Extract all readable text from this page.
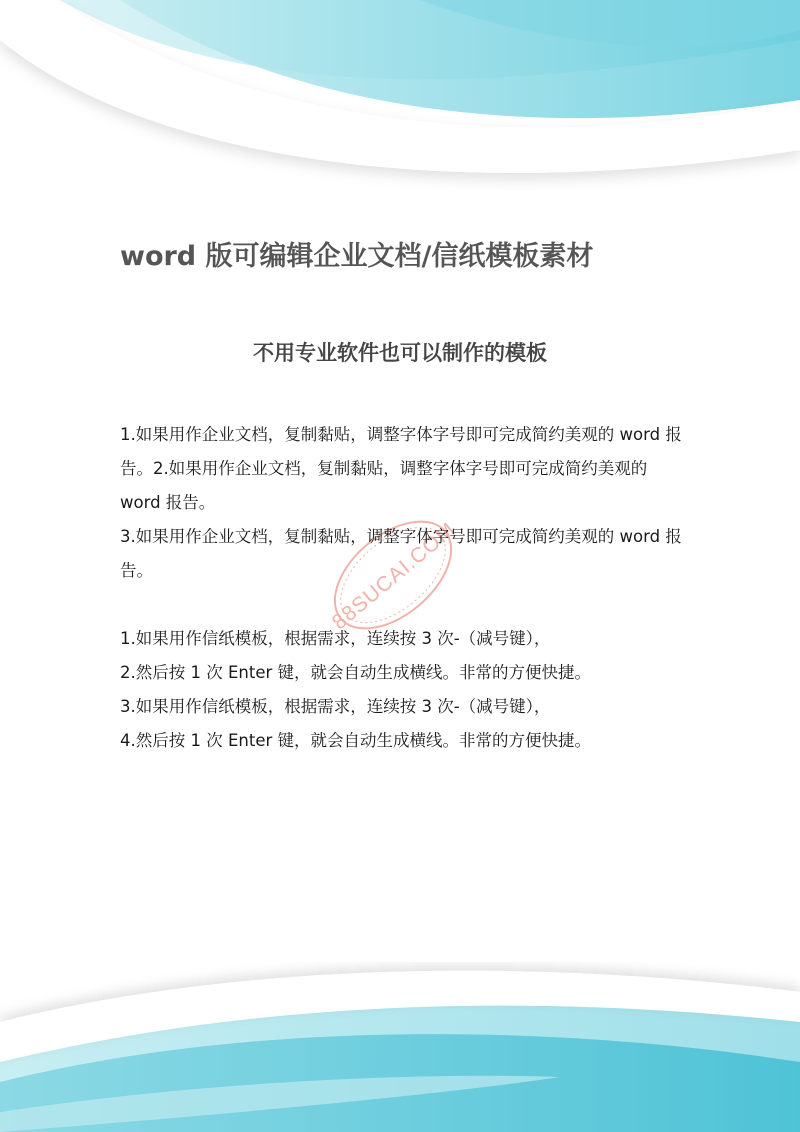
88SUCAI.COM
word 版可编辑企业文档/信纸模板素材
不用专业软件也可以制作的模板

1.如果用作企业文档，复制黏贴，调整字体字号即可完成简约美观的 word 报告。2.如果用作企业文档，复制黏贴，调整字体字号即可完成简约美观的 word 报告。

3.如果用作企业文档，复制黏贴，调整字体字号即可完成简约美观的 word 报告。

1.如果用作信纸模板，根据需求，连续按 3 次-（减号键），

2.然后按 1 次 Enter 键，就会自动生成横线。非常的方便快捷。

3.如果用作信纸模板，根据需求，连续按 3 次-（减号键），

4.然后按 1 次 Enter 键，就会自动生成横线。非常的方便快捷。
